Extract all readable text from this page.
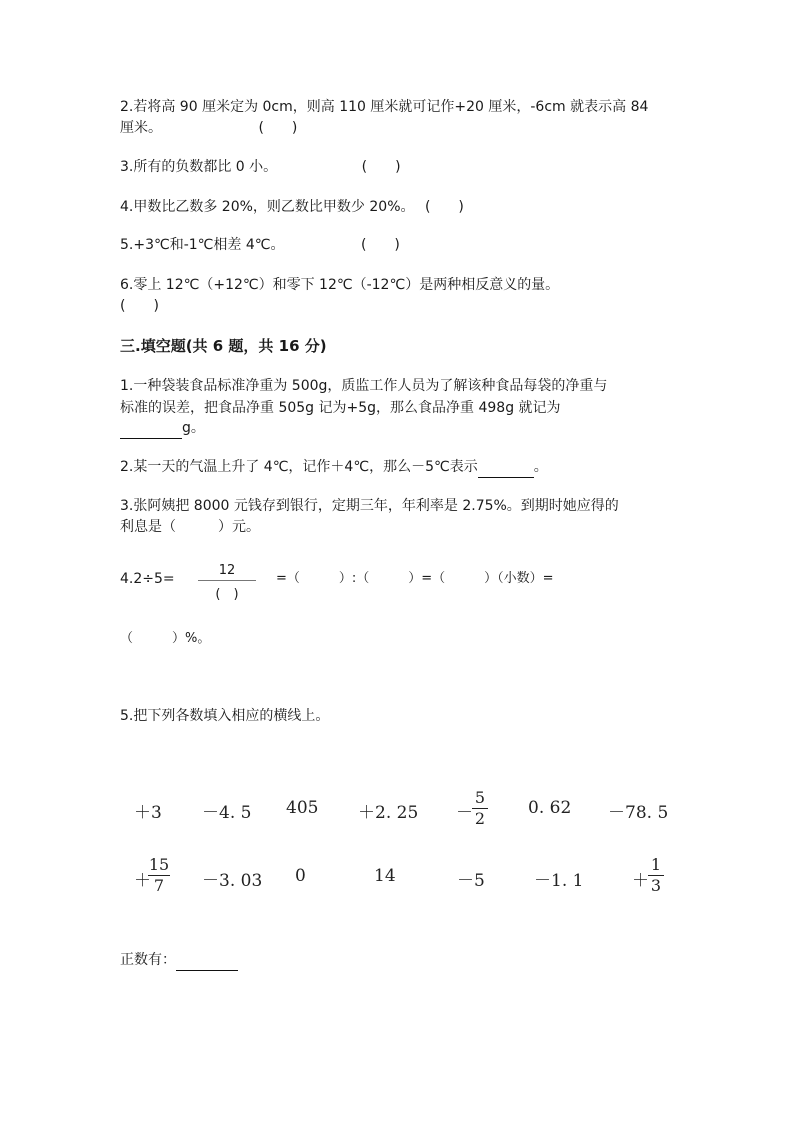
2.若将高 90 厘米定为 0cm，则高 110 厘米就可记作+20 厘米，-6cm 就表示高 84
厘米。	(　　)
3.所有的负数都比 0 小。	(　　)
4.甲数比乙数多 20%，则乙数比甲数少 20%。 (　　)
5.+3℃和-1℃相差 4℃。	(　　)
6.零上 12℃（+12℃）和零下 12℃（-12℃）是两种相反意义的量。
(　　)
三.填空题(共 6 题，共 16 分)
1.一种袋装食品标准净重为 500g，质监工作人员为了解该种食品每袋的净重与
标准的误差，把食品净重 505g 记为+5g，那么食品净重 498g 就记为
g。
2.某一天的气温上升了 4℃，记作＋4℃，那么－5℃表示	。
3.张阿姨把 8000 元钱存到银行，定期三年，年利率是 2.75%。到期时她应得的
利息是（　　　）元。
4.2÷5=
12
(　)
=（　　　）:（　　　）=（　　　）（小数）=
（　　　）%。
5.把下列各数填入相应的横线上。
＋3 －4. 5 405 ＋2. 25 －
5
2
0. 62 －78. 5
＋
15
7	－3. 03 0	14	－5	－1. 1	＋
1
3
正数有：
